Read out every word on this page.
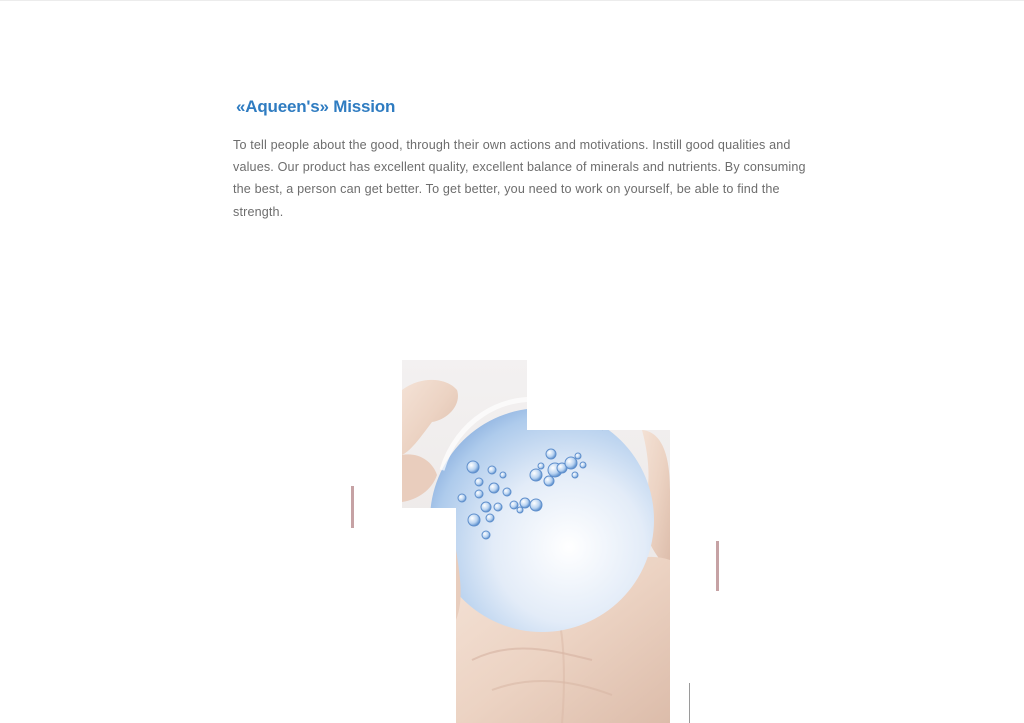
«Aqueen's» Mission

To tell people about the good, through their own actions and motivations. Instill good qualities and values. Our product has excellent quality, excellent balance of minerals and nutrients. By consuming the best, a person can get better. To get better, you need to work on yourself, be able to find the strength.
